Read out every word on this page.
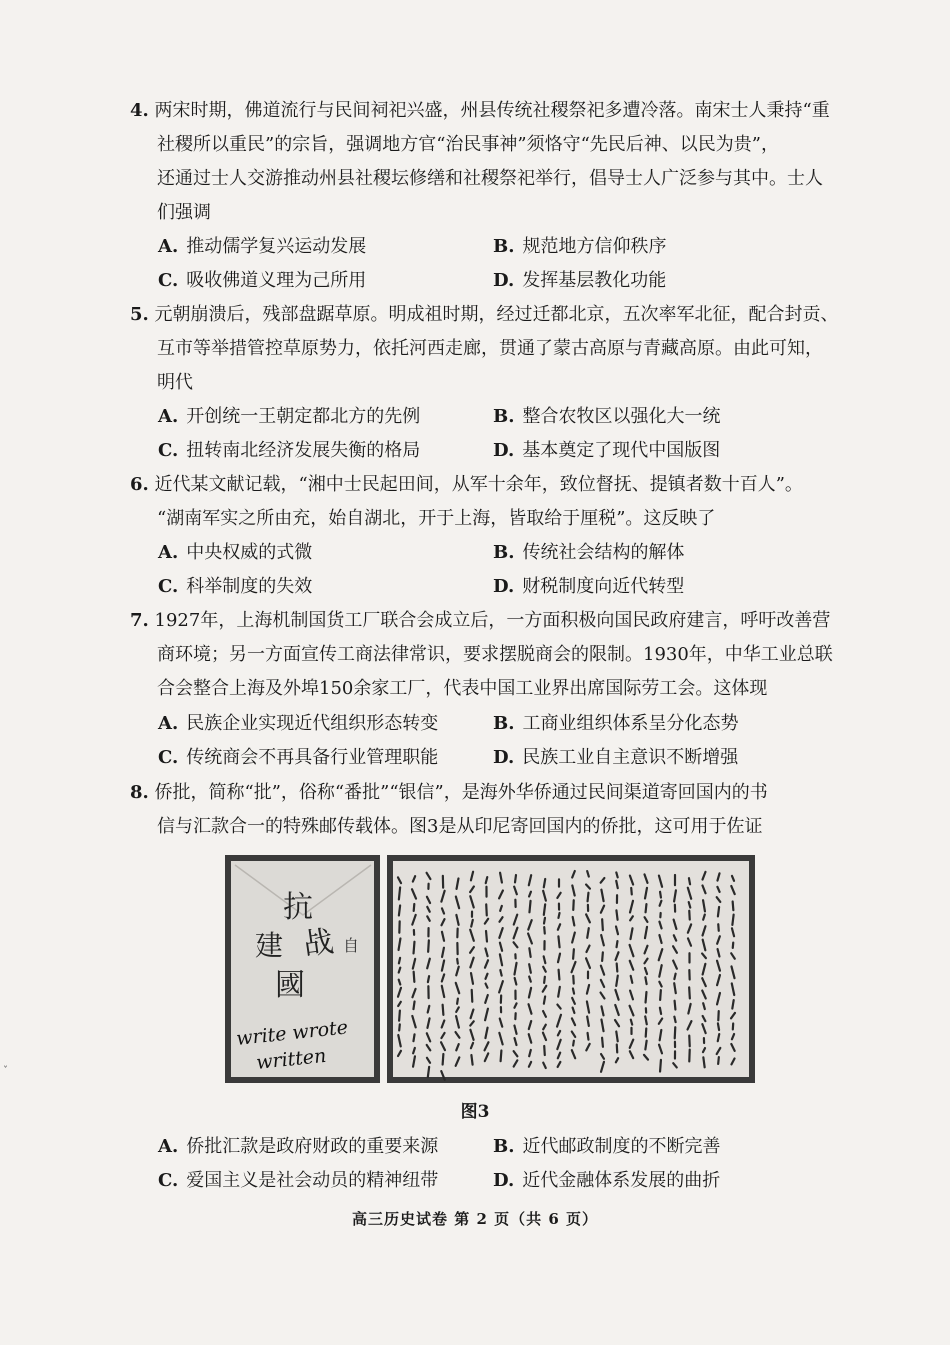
4. 两宋时期，佛道流行与民间祠祀兴盛，州县传统社稷祭祀多遭冷落。南宋士人秉持“重

社稷所以重民”的宗旨，强调地方官“治民事神”须恪守“先民后神、以民为贵”，

还通过士人交游推动州县社稷坛修缮和社稷祭祀举行，倡导士人广泛参与其中。士人

们强调

A. 推动儒学复兴运动发展	B. 规范地方信仰秩序
C. 吸收佛道义理为己所用	D. 发挥基层教化功能

5. 元朝崩溃后，残部盘踞草原。明成祖时期，经过迁都北京，五次率军北征，配合封贡、

互市等举措管控草原势力，依托河西走廊，贯通了蒙古高原与青藏高原。由此可知，

明代

A. 开创统一王朝定都北方的先例	B. 整合农牧区以强化大一统
C. 扭转南北经济发展失衡的格局	D. 基本奠定了现代中国版图

6. 近代某文献记载，“湘中士民起田间，从军十余年，致位督抚、提镇者数十百人”。

“湖南军实之所由充，始自湖北，开于上海，皆取给于厘税”。这反映了

A. 中央权威的式微	B. 传统社会结构的解体
C. 科举制度的失效	D. 财税制度向近代转型

7. 1927年，上海机制国货工厂联合会成立后，一方面积极向国民政府建言，呼吁改善营

商环境；另一方面宣传工商法律常识，要求摆脱商会的限制。1930年，中华工业总联

合会整合上海及外埠150余家工厂，代表中国工业界出席国际劳工会。这体现

A. 民族企业实现近代组织形态转变	B. 工商业组织体系呈分化态势
C. 传统商会不再具备行业管理职能	D. 民族工业自主意识不断增强

8. 侨批，简称“批”，俗称“番批”“银信”，是海外华侨通过民间渠道寄回国内的书

信与汇款合一的特殊邮传载体。图3是从印尼寄回国内的侨批，这可用于佐证

抗
战
建
國
自
write wrote
written
图3
A. 侨批汇款是政府财政的重要来源	B. 近代邮政制度的不断完善
C. 爱国主义是社会动员的精神纽带	D. 近代金融体系发展的曲折
高三历史试卷 第 2 页（共 6 页）
ˇ
